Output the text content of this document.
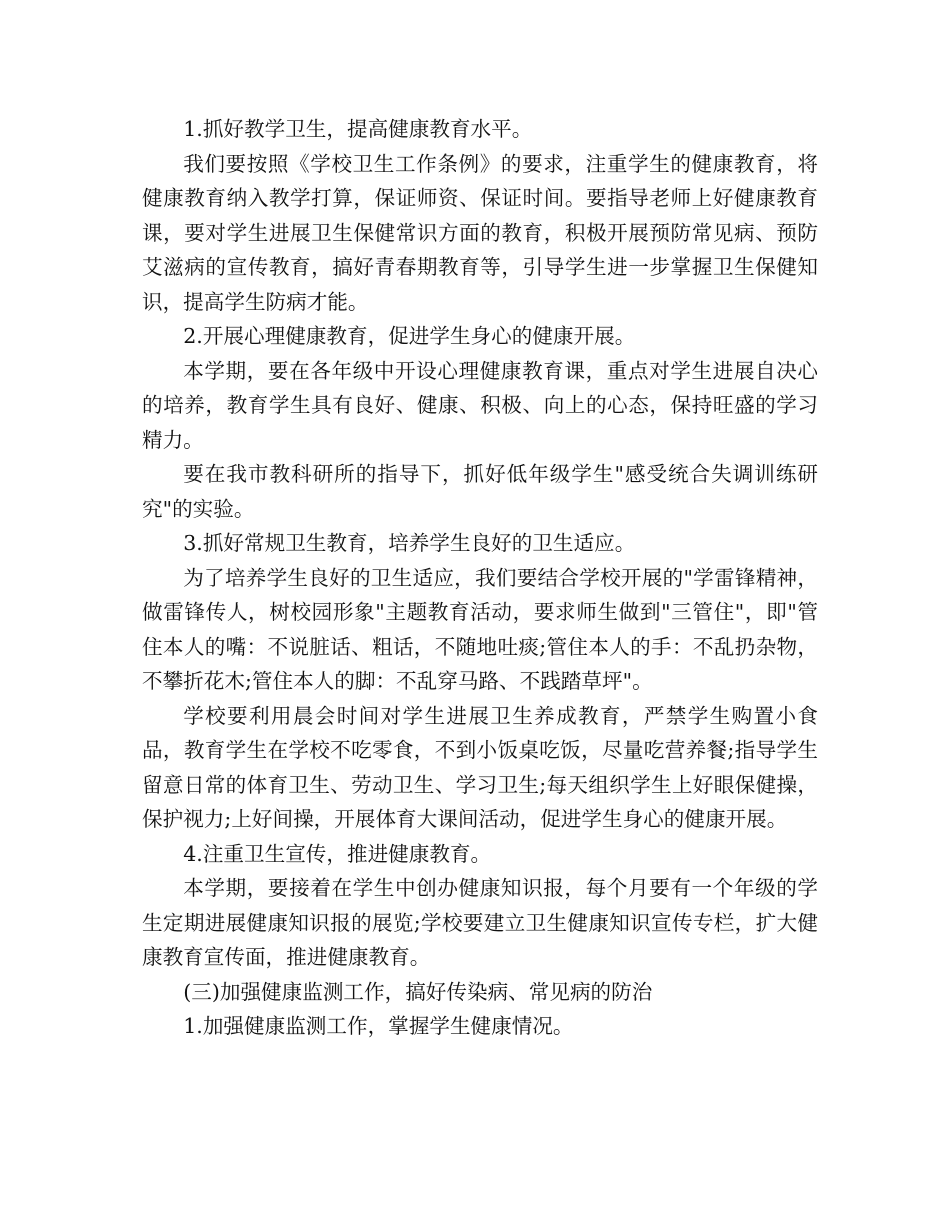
1.抓好教学卫生，提高健康教育水平。

我们要按照《学校卫生工作条例》的要求，注重学生的健康教育，将健康教育纳入教学打算，保证师资、保证时间。要指导老师上好健康教育课，要对学生进展卫生保健常识方面的教育，积极开展预防常见病、预防艾滋病的宣传教育，搞好青春期教育等，引导学生进一步掌握卫生保健知识，提高学生防病才能。

2.开展心理健康教育，促进学生身心的健康开展。

本学期，要在各年级中开设心理健康教育课，重点对学生进展自决心的培养，教育学生具有良好、健康、积极、向上的心态，保持旺盛的学习精力。

要在我市教科研所的指导下，抓好低年级学生"感受统合失调训练研究"的实验。

3.抓好常规卫生教育，培养学生良好的卫生适应。

为了培养学生良好的卫生适应，我们要结合学校开展的"学雷锋精神，做雷锋传人，树校园形象"主题教育活动，要求师生做到"三管住"，即"管住本人的嘴：不说脏话、粗话，不随地吐痰;管住本人的手：不乱扔杂物，不攀折花木;管住本人的脚：不乱穿马路、不践踏草坪"。

学校要利用晨会时间对学生进展卫生养成教育，严禁学生购置小食品，教育学生在学校不吃零食，不到小饭桌吃饭，尽量吃营养餐;指导学生留意日常的体育卫生、劳动卫生、学习卫生;每天组织学生上好眼保健操，保护视力;上好间操，开展体育大课间活动，促进学生身心的健康开展。

4.注重卫生宣传，推进健康教育。

本学期，要接着在学生中创办健康知识报，每个月要有一个年级的学生定期进展健康知识报的展览;学校要建立卫生健康知识宣传专栏，扩大健康教育宣传面，推进健康教育。

(三)加强健康监测工作，搞好传染病、常见病的防治

1.加强健康监测工作，掌握学生健康情况。
